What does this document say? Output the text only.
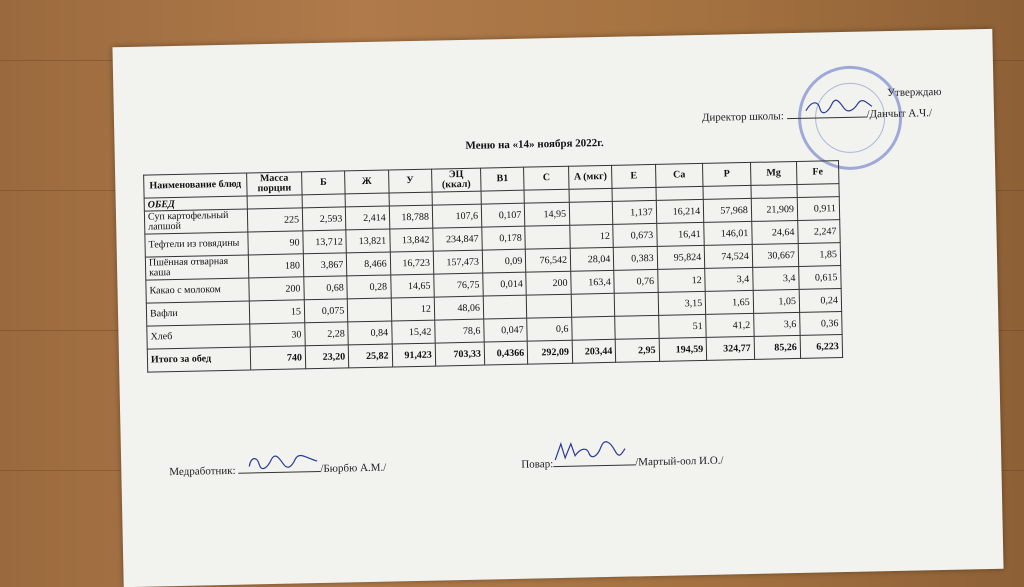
Утверждаю
Директор школы:	/Данчыт А.Ч./
Меню на «14» ноября 2022г.
Наименование блюд	Масса порции	Б	Ж	У	ЭЦ (ккал)	B1	C	A (мкг)	E	Ca	P	Mg	Fe
ОБЕД													
Суп картофельный лапшой	225	2,593	2,414	18,788	107,6	0,107	14,95		1,137	16,214	57,968	21,909	0,911
Тефтели из говядины	90	13,712	13,821	13,842	234,847	0,178		12	0,673	16,41	146,01	24,64	2,247
Пшённая отварная каша	180	3,867	8,466	16,723	157,473	0,09	76,542	28,04	0,383	95,824	74,524	30,667	1,85
Какао с молоком	200	0,68	0,28	14,65	76,75	0,014	200	163,4	0,76	12	3,4	3,4	0,615
Вафли	15	0,075		12	48,06					3,15	1,65	1,05	0,24
Хлеб	30	2,28	0,84	15,42	78,6	0,047	0,6			51	41,2	3,6	0,36
Итого за обед	740	23,20	25,82	91,423	703,33	0,4366	292,09	203,44	2,95	194,59	324,77	85,26	6,223
Медработник:	/Бюрбю А.М./	Повар:	/Мартый-оол И.О./
